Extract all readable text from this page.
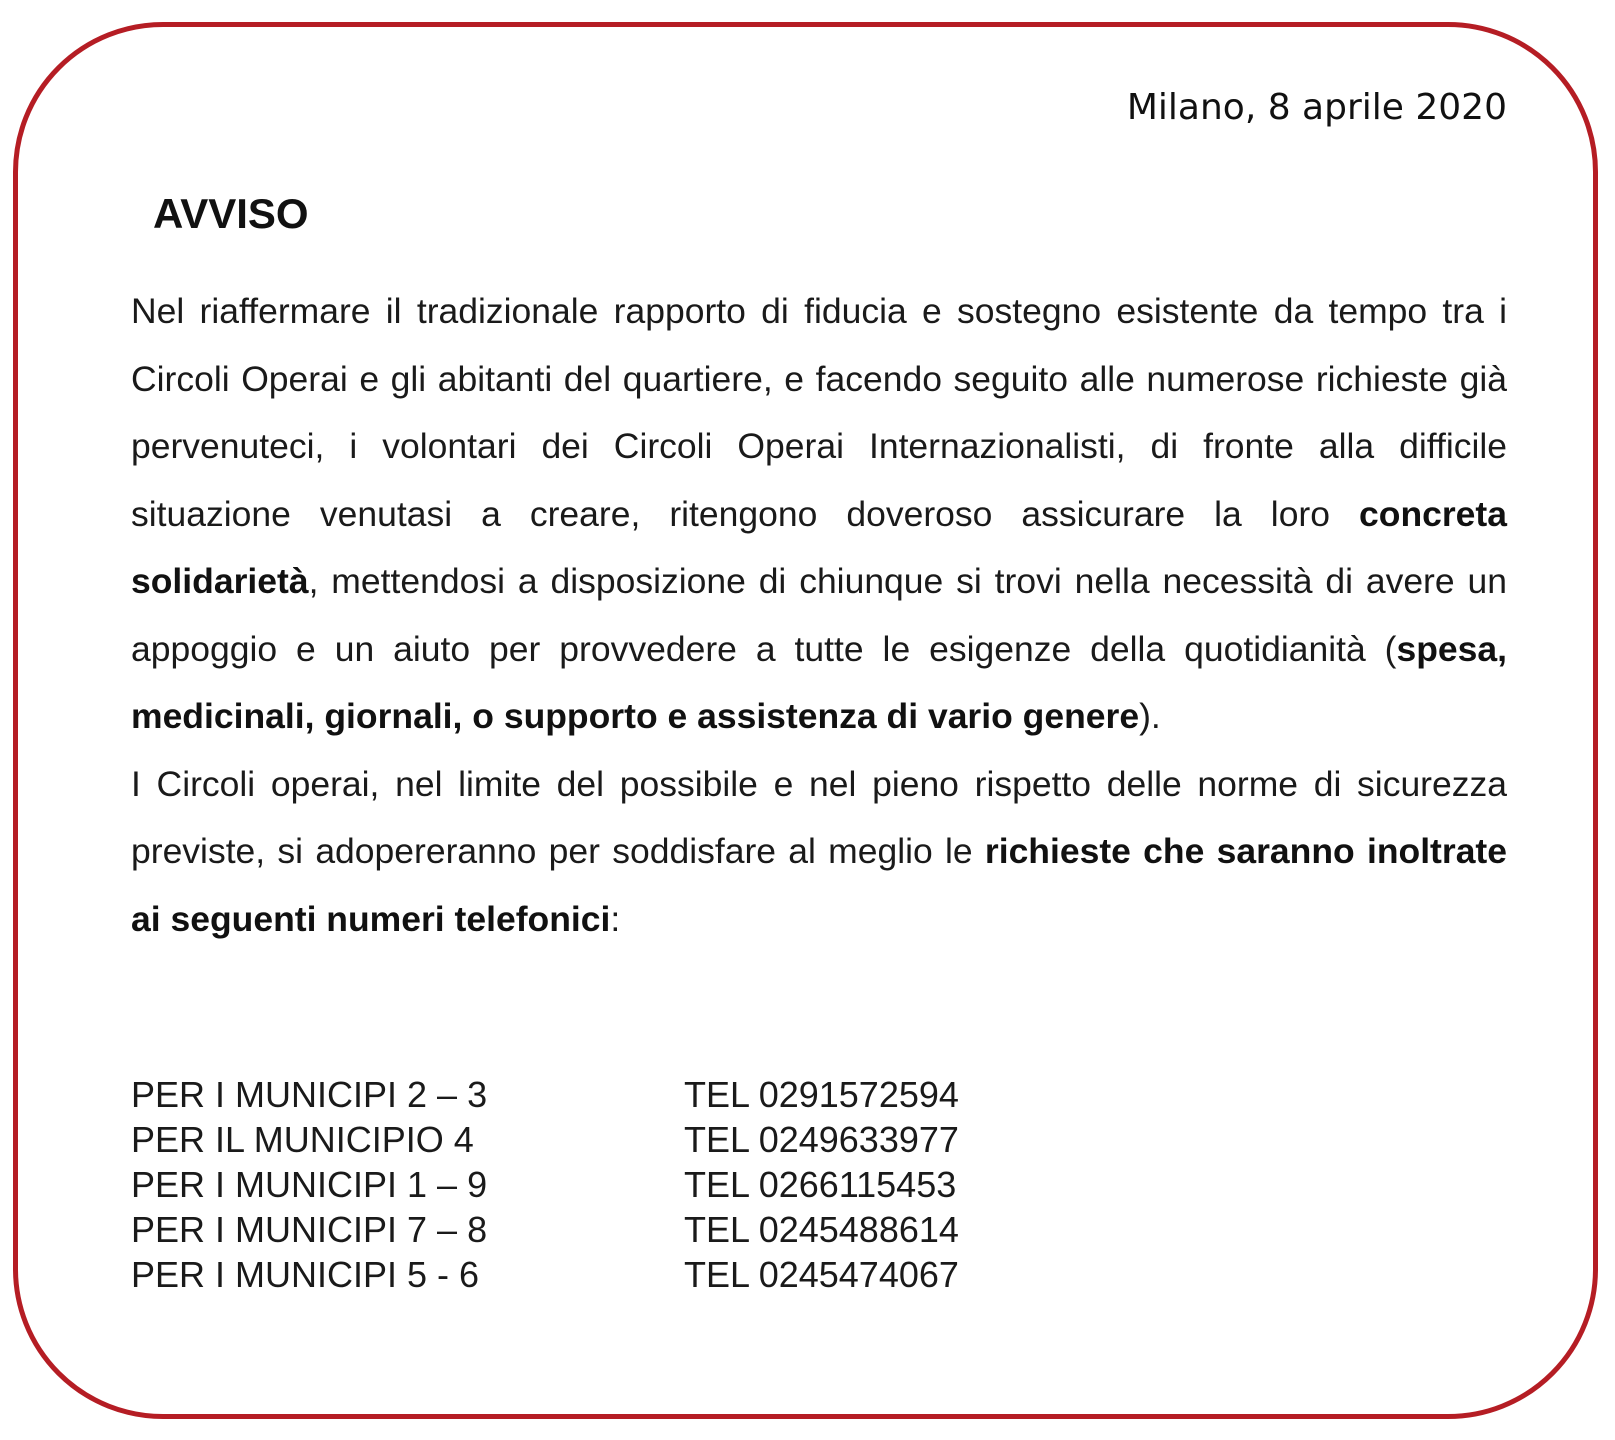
Milano, 8 aprile 2020
AVVISO

Nel riaffermare il tradizionale rapporto di fiducia e sostegno esistente da tempo tra i Circoli Operai e gli abitanti del quartiere, e facendo seguito alle numerose richieste già pervenuteci, i volontari dei Circoli Operai Internazionalisti, di fronte alla difficile situazione venutasi a creare, ritengono doveroso assicurare la loro concreta solidarietà, mettendosi a disposizione di chiunque si trovi nella necessità di avere un appoggio e un aiuto per provvedere a tutte le esigenze della quotidianità (spesa, medicinali, giornali, o supporto e assistenza di vario genere).

I Circoli operai, nel limite del possibile e nel pieno rispetto delle norme di sicurezza previste, si adopereranno per soddisfare al meglio le richieste che saranno inoltrate ai seguenti numeri telefonici:

PER I MUNICIPI 2 – 3	TEL 0291572594
PER IL MUNICIPIO 4	TEL 0249633977
PER I MUNICIPI 1 – 9	TEL 0266115453
PER I MUNICIPI 7 – 8	TEL 0245488614
PER I MUNICIPI 5 - 6	TEL 0245474067
